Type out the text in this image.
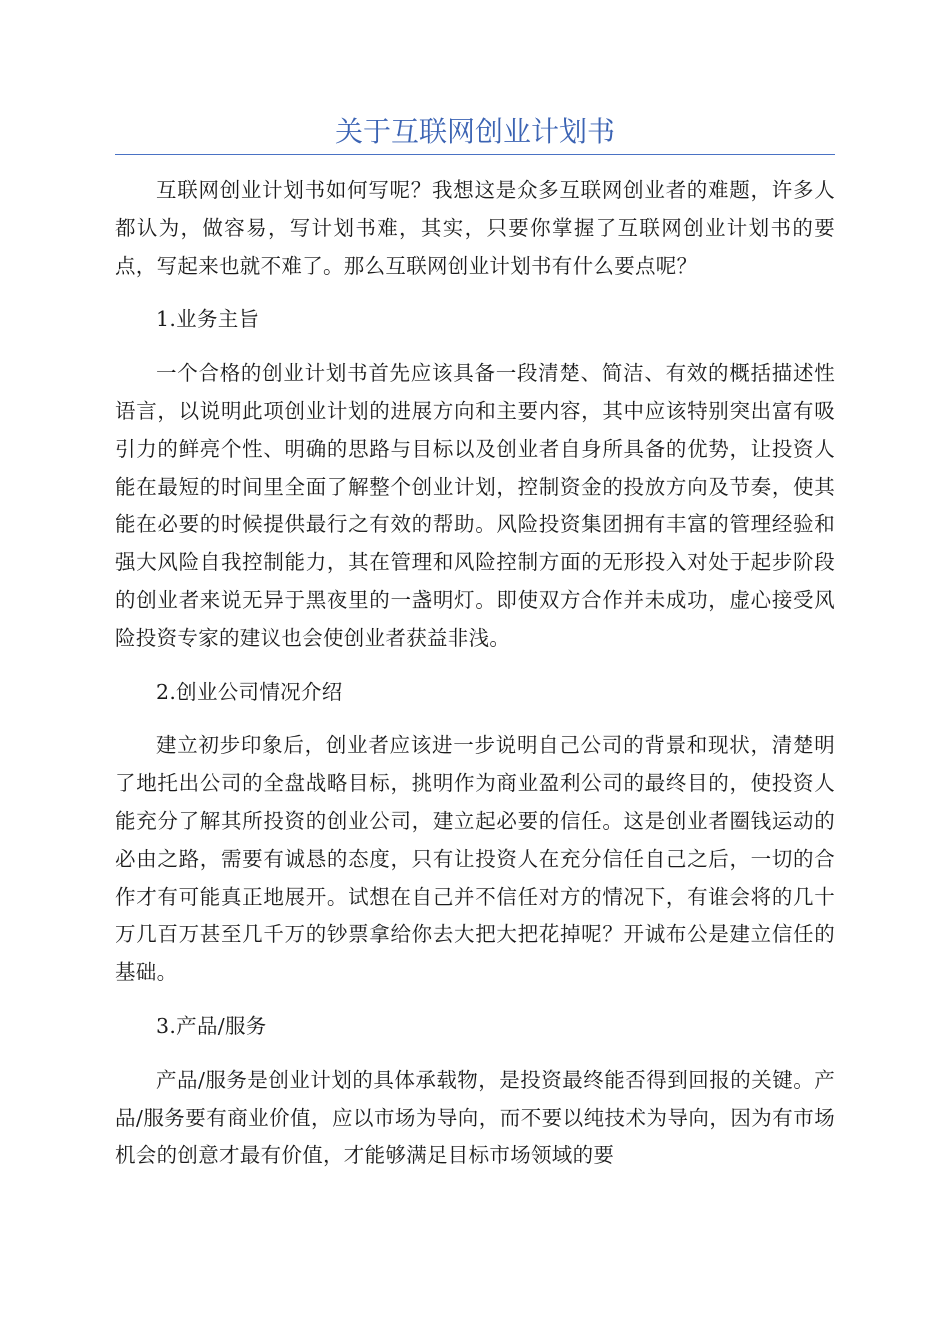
关于互联网创业计划书

互联网创业计划书如何写呢？我想这是众多互联网创业者的难题，许多人都认为，做容易，写计划书难，其实，只要你掌握了互联网创业计划书的要点，写起来也就不难了。那么互联网创业计划书有什么要点呢？

1.业务主旨

一个合格的创业计划书首先应该具备一段清楚、简洁、有效的概括描述性语言，以说明此项创业计划的进展方向和主要内容，其中应该特别突出富有吸引力的鲜亮个性、明确的思路与目标以及创业者自身所具备的优势，让投资人能在最短的时间里全面了解整个创业计划，控制资金的投放方向及节奏，使其能在必要的时候提供最行之有效的帮助。风险投资集团拥有丰富的管理经验和强大风险自我控制能力，其在管理和风险控制方面的无形投入对处于起步阶段的创业者来说无异于黑夜里的一盏明灯。即使双方合作并未成功，虚心接受风险投资专家的建议也会使创业者获益非浅。

2.创业公司情况介绍

建立初步印象后，创业者应该进一步说明自己公司的背景和现状，清楚明了地托出公司的全盘战略目标，挑明作为商业盈利公司的最终目的，使投资人能充分了解其所投资的创业公司，建立起必要的信任。这是创业者圈钱运动的必由之路，需要有诚恳的态度，只有让投资人在充分信任自己之后，一切的合作才有可能真正地展开。试想在自己并不信任对方的情况下，有谁会将的几十万几百万甚至几千万的钞票拿给你去大把大把花掉呢？开诚布公是建立信任的基础。

3.产品/服务

产品/服务是创业计划的具体承载物，是投资最终能否得到回报的关键。产品/服务要有商业价值，应以市场为导向，而不要以纯技术为导向，因为有市场机会的创意才最有价值，才能够满足目标市场领域的要
